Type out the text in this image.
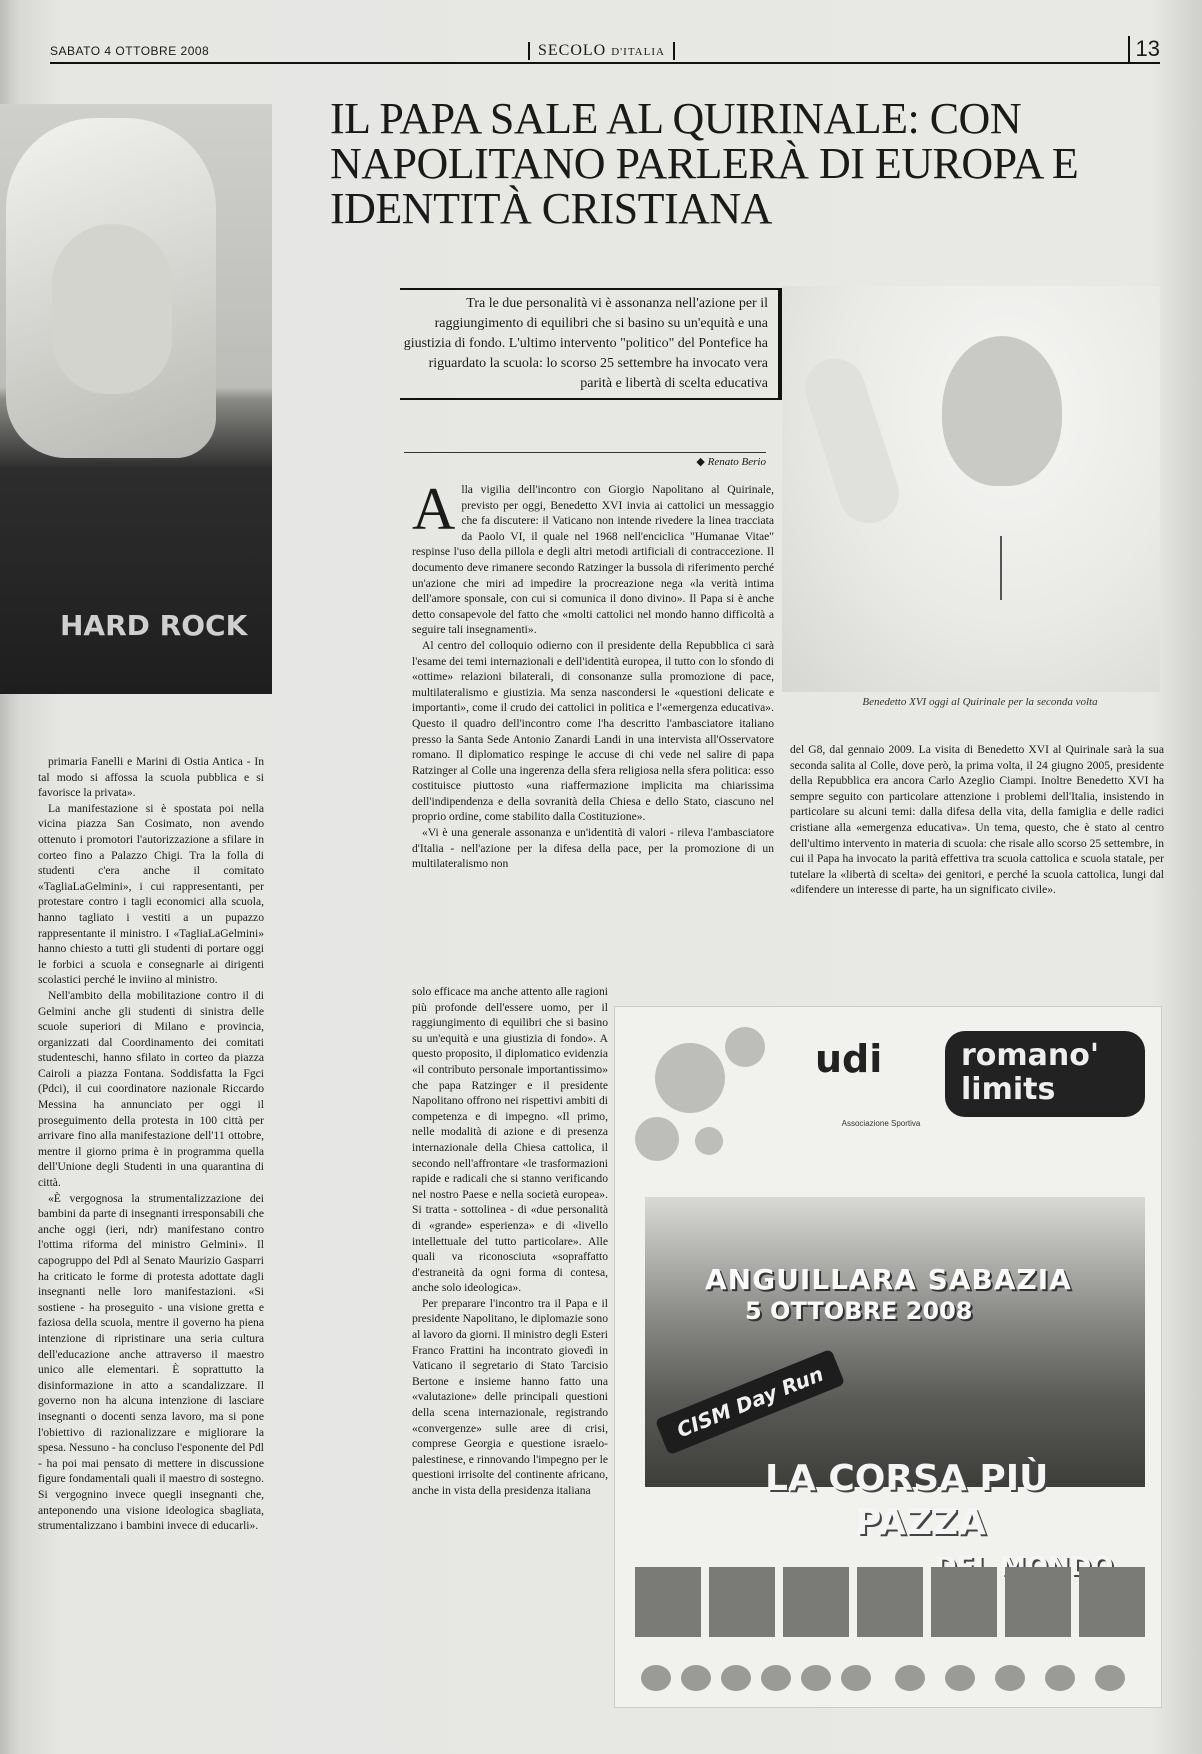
SABATO 4 OTTOBRE 2008	SECOLO D'ITALIA	13
HARD ROCK
IL PAPA SALE AL QUIRINALE: CON NAPOLITANO PARLERÀ DI EUROPA E IDENTITÀ CRISTIANA
Tra le due personalità vi è assonanza nell'azione per il raggiungimento di equilibri che si basino su un'equità e una giustizia di fondo. L'ultimo intervento "politico" del Pontefice ha riguardato la scuola: lo scorso 25 settembre ha invocato vera parità e libertà di scelta educativa
◆ Renato Berio
Benedetto XVI oggi al Quirinale per la seconda volta

primaria Fanelli e Marini di Ostia Antica - In tal modo si affossa la scuola pubblica e si favorisce la privata».

La manifestazione si è spostata poi nella vicina piazza San Cosimato, non avendo ottenuto i promotori l'autorizzazione a sfilare in corteo fino a Palazzo Chigi. Tra la folla di studenti c'era anche il comitato «TagliaLaGelmini», i cui rappresentanti, per protestare contro i tagli economici alla scuola, hanno tagliato i vestiti a un pupazzo rappresentante il ministro. I «TagliaLaGelmini» hanno chiesto a tutti gli studenti di portare oggi le forbici a scuola e consegnarle ai dirigenti scolastici perché le inviino al ministro.

Nell'ambito della mobilitazione contro il di Gelmini anche gli studenti di sinistra delle scuole superiori di Milano e provincia, organizzati dal Coordinamento dei comitati studenteschi, hanno sfilato in corteo da piazza Cairoli a piazza Fontana. Soddisfatta la Fgci (Pdci), il cui coordinatore nazionale Riccardo Messina ha annunciato per oggi il proseguimento della protesta in 100 città per arrivare fino alla manifestazione dell'11 ottobre, mentre il giorno prima è in programma quella dell'Unione degli Studenti in una quarantina di città.

«È vergognosa la strumentalizzazione dei bambini da parte di insegnanti irresponsabili che anche oggi (ieri, ndr) manifestano contro l'ottima riforma del ministro Gelmini». Il capogruppo del Pdl al Senato Maurizio Gasparri ha criticato le forme di protesta adottate dagli insegnanti nelle loro manifestazioni. «Si sostiene - ha proseguito - una visione gretta e faziosa della scuola, mentre il governo ha piena intenzione di ripristinare una seria cultura dell'educazione anche attraverso il maestro unico alle elementari. È soprattutto la disinformazione in atto a scandalizzare. Il governo non ha alcuna intenzione di lasciare insegnanti o docenti senza lavoro, ma si pone l'obiettivo di razionalizzare e migliorare la spesa. Nessuno - ha concluso l'esponente del Pdl - ha poi mai pensato di mettere in discussione figure fondamentali quali il maestro di sostegno. Si vergognino invece quegli insegnanti che, anteponendo una visione ideologica sbagliata, strumentalizzano i bambini invece di educarli».

Alla vigilia dell'incontro con Giorgio Napolitano al Quirinale, previsto per oggi, Benedetto XVI invia ai cattolici un messaggio che fa discutere: il Vaticano non intende rivedere la linea tracciata da Paolo VI, il quale nel 1968 nell'enciclica "Humanae Vitae" respinse l'uso della pillola e degli altri metodi artificiali di contraccezione. Il documento deve rimanere secondo Ratzinger la bussola di riferimento perché un'azione che miri ad impedire la procreazione nega «la verità intima dell'amore sponsale, con cui si comunica il dono divino». Il Papa si è anche detto consapevole del fatto che «molti cattolici nel mondo hanno difficoltà a seguire tali insegnamenti».

Al centro del colloquio odierno con il presidente della Repubblica ci sarà l'esame dei temi internazionali e dell'identità europea, il tutto con lo sfondo di «ottime» relazioni bilaterali, di consonanze sulla promozione di pace, multilateralismo e giustizia. Ma senza nascondersi le «questioni delicate e importanti», come il crudo dei cattolici in politica e l'«emergenza educativa». Questo il quadro dell'incontro come l'ha descritto l'ambasciatore italiano presso la Santa Sede Antonio Zanardi Landi in una intervista all'Osservatore romano. Il diplomatico respinge le accuse di chi vede nel salire di papa Ratzinger al Colle una ingerenza della sfera religiosa nella sfera politica: esso costituisce piuttosto «una riaffermazione implicita ma chiarissima dell'indipendenza e della sovranità della Chiesa e dello Stato, ciascuno nel proprio ordine, come stabilito dalla Costituzione».

«Vi è una generale assonanza e un'identità di valori - rileva l'ambasciatore d'Italia - nell'azione per la difesa della pace, per la promozione di un multilateralismo non

solo efficace ma anche attento alle ragioni più profonde dell'essere uomo, per il raggiungimento di equilibri che si basino su un'equità e una giustizia di fondo». A questo proposito, il diplomatico evidenzia «il contributo personale importantissimo» che papa Ratzinger e il presidente Napolitano offrono nei rispettivi ambiti di competenza e di impegno. «Il primo, nelle modalità di azione e di presenza internazionale della Chiesa cattolica, il secondo nell'affrontare «le trasformazioni rapide e radicali che si stanno verificando nel nostro Paese e nella società europea». Si tratta - sottolinea - di «due personalità di «grande» esperienza» e di «livello intellettuale del tutto particolare». Alle quali va riconosciuta «sopraffatto d'estraneità da ogni forma di contesa, anche solo ideologica».

Per preparare l'incontro tra il Papa e il presidente Napolitano, le diplomazie sono al lavoro da giorni. Il ministro degli Esteri Franco Frattini ha incontrato giovedì in Vaticano il segretario di Stato Tarcisio Bertone e insieme hanno fatto una «valutazione» delle principali questioni della scena internazionale, registrando «convergenze» sulle aree di crisi, comprese Georgia e questione israelo-palestinese, e rinnovando l'impegno per le questioni irrisolte del continente africano, anche in vista della presidenza italiana

del G8, dal gennaio 2009. La visita di Benedetto XVI al Quirinale sarà la sua seconda salita al Colle, dove però, la prima volta, il 24 giugno 2005, presidente della Repubblica era ancora Carlo Azeglio Ciampi. Inoltre Benedetto XVI ha sempre seguito con particolare attenzione i problemi dell'Italia, insistendo in particolare su alcuni temi: dalla difesa della vita, della famiglia e delle radici cristiane alla «emergenza educativa». Un tema, questo, che è stato al centro dell'ultimo intervento in materia di scuola: che risale allo scorso 25 settembre, in cui il Papa ha invocato la parità effettiva tra scuola cattolica e scuola statale, per tutelare la «libertà di scelta» dei genitori, e perché la scuola cattolica, lungi dal «difendere un interesse di parte, ha un significato civile».

udi
Associazione Sportiva
romano' limits
ANGUILLARA SABAZIA
5 OTTOBRE 2008
CISM Day Run
LA CORSA PIÙ
PAZZA
